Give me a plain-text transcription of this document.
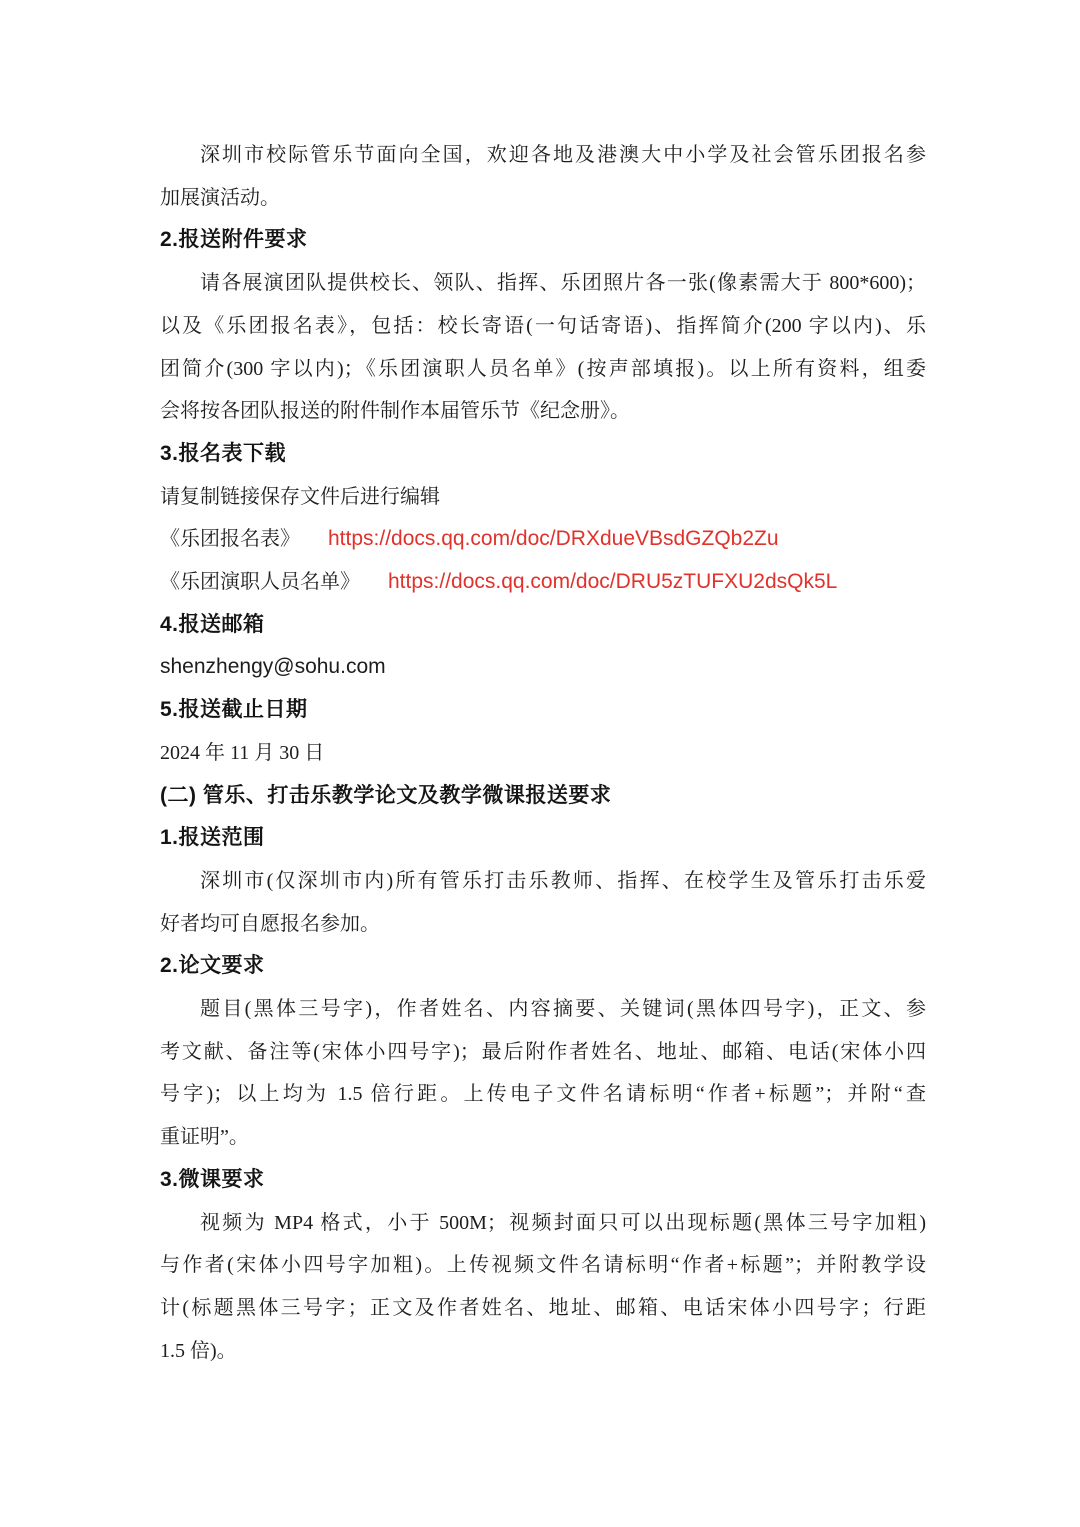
深圳市校际管乐节面向全国，欢迎各地及港澳大中小学及社会管乐团报名参
加展演活动。
2.报送附件要求
请各展演团队提供校长、领队、指挥、乐团照片各一张(像素需大于 800*600)；
以及《乐团报名表》，包括：校长寄语(一句话寄语)、指挥简介(200 字以内)、乐
团简介(300 字以内)；《乐团演职人员名单》(按声部填报)。以上所有资料，组委
会将按各团队报送的附件制作本届管乐节《纪念册》。
3.报名表下载
请复制链接保存文件后进行编辑
《乐团报名表》 https://docs.qq.com/doc/DRXdueVBsdGZQb2Zu
《乐团演职人员名单》 https://docs.qq.com/doc/DRU5zTUFXU2dsQk5L
4.报送邮箱
shenzhengy@sohu.com
5.报送截止日期
2024 年 11 月 30 日
(二) 管乐、打击乐教学论文及教学微课报送要求
1.报送范围
深圳市(仅深圳市内)所有管乐打击乐教师、指挥、在校学生及管乐打击乐爱
好者均可自愿报名参加。
2.论文要求
题目(黑体三号字)，作者姓名、内容摘要、关键词(黑体四号字)，正文、参
考文献、备注等(宋体小四号字)；最后附作者姓名、地址、邮箱、电话(宋体小四
号字)；以上均为 1.5 倍行距。上传电子文件名请标明“作者+标题”；并附“查
重证明”。
3.微课要求
视频为 MP4 格式，小于 500M；视频封面只可以出现标题(黑体三号字加粗)
与作者(宋体小四号字加粗)。上传视频文件名请标明“作者+标题”；并附教学设
计(标题黑体三号字；正文及作者姓名、地址、邮箱、电话宋体小四号字；行距
1.5 倍)。
